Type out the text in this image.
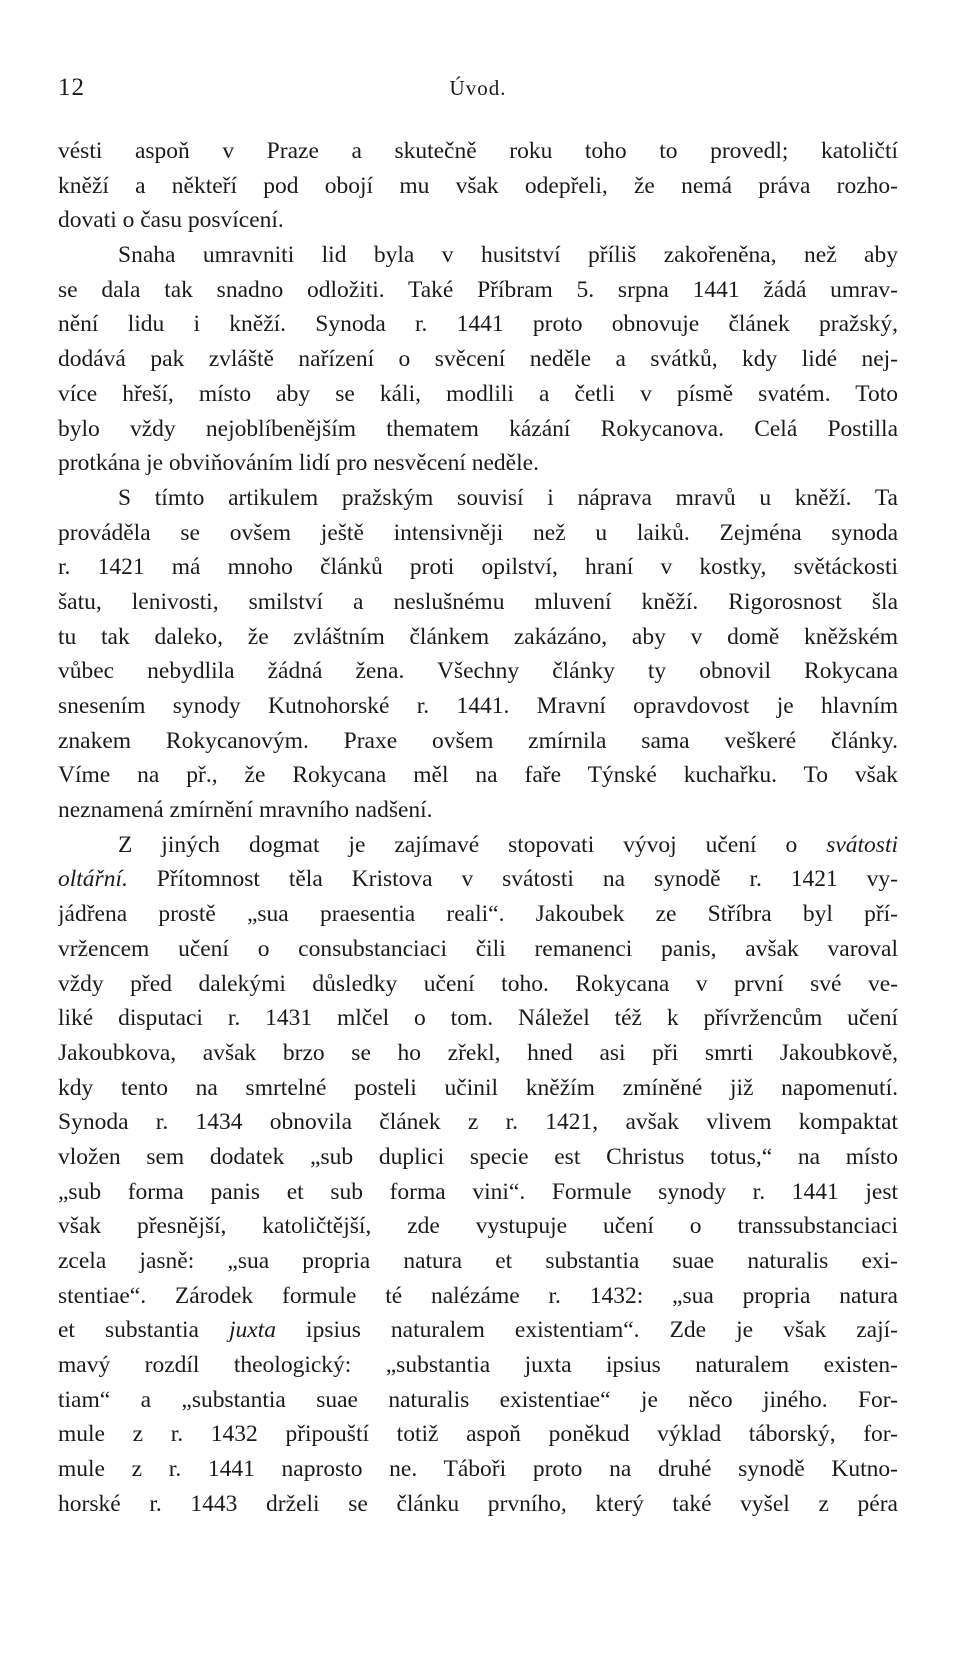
12	Úvod.
vésti aspoň v Praze a skutečně roku toho to provedl; katoličtí
kněží a někteří pod obojí mu však odepřeli, že nemá práva rozho-
dovati o času posvícení.
Snaha umravniti lid byla v husitství příliš zakořeněna, než aby
se dala tak snadno odložiti. Také Příbram 5. srpna 1441 žádá umrav-
nění lidu i kněží. Synoda r. 1441 proto obnovuje článek pražský,
dodává pak zvláště nařízení o svěcení neděle a svátků, kdy lidé nej-
více hřeší, místo aby se káli, modlili a četli v písmě svatém. Toto
bylo vždy nejoblíbenějším thematem kázání Rokycanova. Celá Postilla
protkána je obviňováním lidí pro nesvěcení neděle.
S tímto artikulem pražským souvisí i náprava mravů u kněží. Ta
prováděla se ovšem ještě intensivněji než u laiků. Zejména synoda
r. 1421 má mnoho článků proti opilství, hraní v kostky, světáckosti
šatu, lenivosti, smilství a neslušnému mluvení kněží. Rigorosnost šla
tu tak daleko, že zvláštním článkem zakázáno, aby v domě kněžském
vůbec nebydlila žádná žena. Všechny články ty obnovil Rokycana
snesením synody Kutnohorské r. 1441. Mravní opravdovost je hlavním
znakem Rokycanovým. Praxe ovšem zmírnila sama veškeré články.
Víme na př., že Rokycana měl na faře Týnské kuchařku. To však
neznamená zmírnění mravního nadšení.
Z jiných dogmat je zajímavé stopovati vývoj učení o svátosti
oltářní. Přítomnost těla Kristova v svátosti na synodě r. 1421 vy-
jádřena prostě „sua praesentia reali“. Jakoubek ze Stříbra byl pří-
vržencem učení o consubstanciaci čili remanenci panis, avšak varoval
vždy před dalekými důsledky učení toho. Rokycana v první své ve-
liké disputaci r. 1431 mlčel o tom. Náležel též k přívržencům učení
Jakoubkova, avšak brzo se ho zřekl, hned asi při smrti Jakoubkově,
kdy tento na smrtelné posteli učinil kněžím zmíněné již napomenutí.
Synoda r. 1434 obnovila článek z r. 1421, avšak vlivem kompaktat
vložen sem dodatek „sub duplici specie est Christus totus,“ na místo
„sub forma panis et sub forma vini“. Formule synody r. 1441 jest
však přesnější, katoličtější, zde vystupuje učení o transsubstanciaci
zcela jasně: „sua propria natura et substantia suae naturalis exi-
stentiae“. Zárodek formule té nalézáme r. 1432: „sua propria natura
et substantia juxta ipsius naturalem existentiam“. Zde je však zají-
mavý rozdíl theologický: „substantia juxta ipsius naturalem existen-
tiam“ a „substantia suae naturalis existentiae“ je něco jiného. For-
mule z r. 1432 připouští totiž aspoň poněkud výklad táborský, for-
mule z r. 1441 naprosto ne. Táboři proto na druhé synodě Kutno-
horské r. 1443 drželi se článku prvního, který také vyšel z péra
